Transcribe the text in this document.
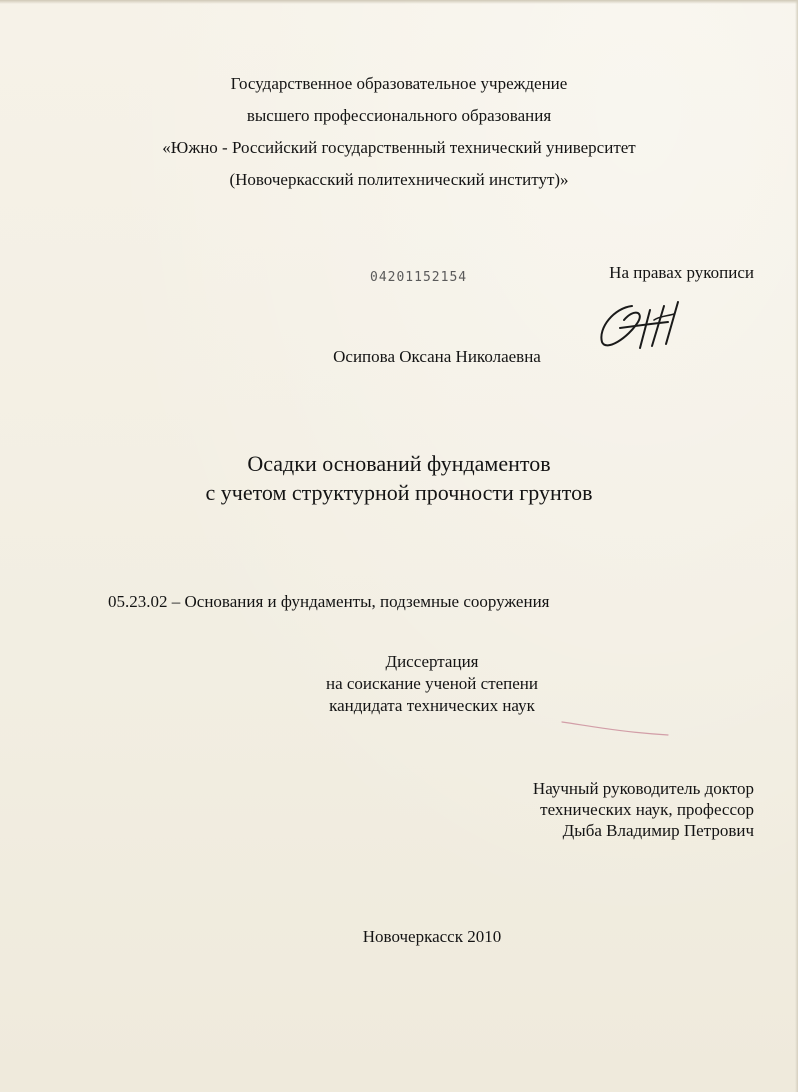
Государственное образовательное учреждение
высшего профессионального образования
«Южно - Российский государственный технический университет
(Новочеркасский политехнический институт)»
04201152154	На правах рукописи
Осипова Оксана Николаевна
Осадки оснований фундаментов
с учетом структурной прочности грунтов
05.23.02 – Основания и фундаменты, подземные сооружения
Диссертация
на соискание ученой степени
кандидата технических наук
Научный руководитель доктор
технических наук, профессор
Дыба Владимир Петрович
Новочеркасск 2010
